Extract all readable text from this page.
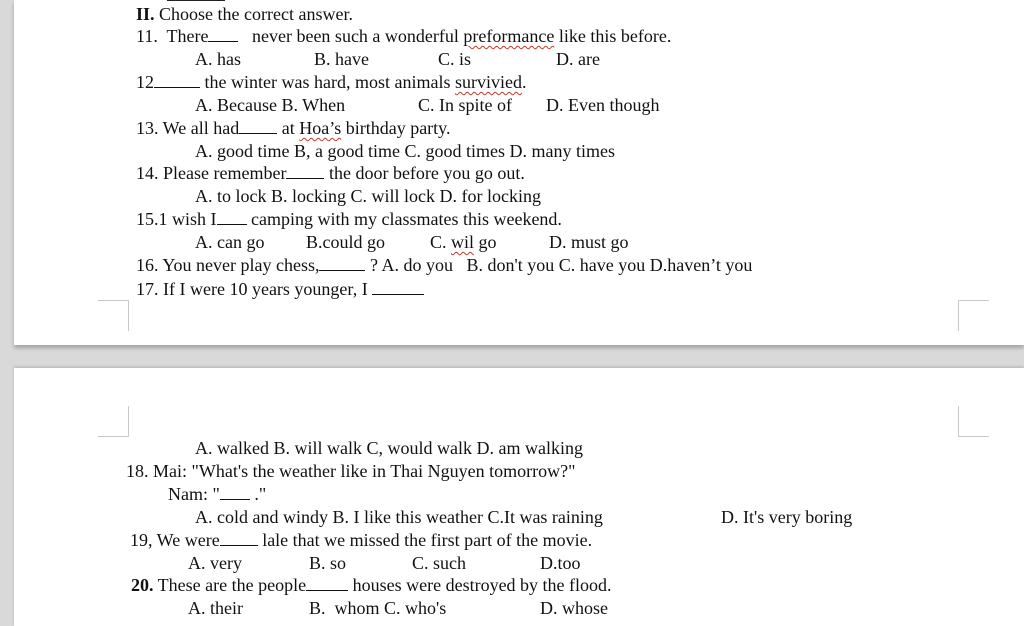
II. Choose the correct answer.
11.  There   never been such a wonderful preformance like this before.
A. has	B. have	C. is	D. are
12	the winter was hard, most animals survivied.
A. Because B. When	C. In spite of D. Even though
13. We all had at Hoa’s birthday party.
A. good time B, a good time C. good times D. many times
14. Please remember the door before you go out.
A. to lock B. locking C. will lock D. for locking
15.1 wish I camping with my classmates this weekend.
A. can go B.could go	C. wil go	D. must go
16. You never play chess,	? A. do you   B. don't you C. have you D.haven’t you
17. If I were 10 years younger, I
A. walked B. will walk C, would walk D. am walking
18. Mai: "What's the weather like in Thai Nguyen tomorrow?"
Nam: " ."
A. cold and windy B. I like this weather C.It was raining	D. It's very boring
19, We were lale that we missed the first part of the movie.
A. very	B. so	C. such	D.too
20. These are the people houses were destroyed by the flood.
A. their	B.  whom C. who's	D. whose
